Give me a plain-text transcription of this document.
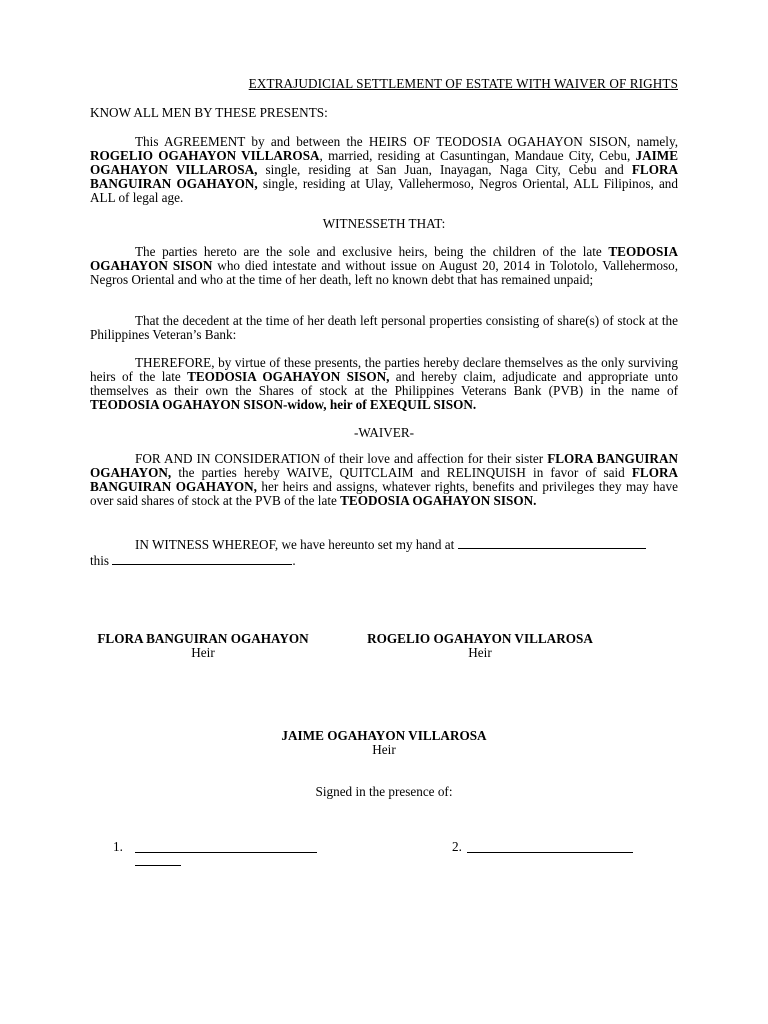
EXTRAJUDICIAL SETTLEMENT OF ESTATE WITH WAIVER OF RIGHTS
KNOW ALL MEN BY THESE PRESENTS:
This AGREEMENT by and between the HEIRS OF TEODOSIA OGAHAYON SISON, namely, ROGELIO OGAHAYON VILLAROSA, married, residing at Casuntingan, Mandaue City, Cebu, JAIME OGAHAYON VILLAROSA, single, residing at San Juan, Inayagan, Naga City, Cebu and FLORA BANGUIRAN OGAHAYON, single, residing at Ulay, Vallehermoso, Negros Oriental, ALL Filipinos, and ALL of legal age.
WITNESSETH THAT:
The parties hereto are the sole and exclusive heirs, being the children of the late TEODOSIA OGAHAYON SISON who died intestate and without issue on August 20, 2014 in Tolotolo, Vallehermoso, Negros Oriental and who at the time of her death, left no known debt that has remained unpaid;
That the decedent at the time of her death left personal properties consisting of share(s) of stock at the Philippines Veteran’s Bank:
THEREFORE, by virtue of these presents, the parties hereby declare themselves as the only surviving heirs of the late TEODOSIA OGAHAYON SISON, and hereby claim, adjudicate and appropriate unto themselves as their own the Shares of stock at the Philippines Veterans Bank (PVB) in the name of TEODOSIA OGAHAYON SISON-widow, heir of EXEQUIL SISON.
-WAIVER-
FOR AND IN CONSIDERATION of their love and affection for their sister FLORA BANGUIRAN OGAHAYON, the parties hereby WAIVE, QUITCLAIM and RELINQUISH in favor of said FLORA BANGUIRAN OGAHAYON, her heirs and assigns, whatever rights, benefits and privileges they may have over said shares of stock at the PVB of the late TEODOSIA OGAHAYON SISON.
IN WITNESS WHEREOF, we have hereunto set my hand at
this	.
FLORA BANGUIRAN OGAHAYON
Heir
ROGELIO OGAHAYON VILLAROSA
Heir
JAIME OGAHAYON VILLAROSA
Heir
Signed in the presence of:
1.	2.
